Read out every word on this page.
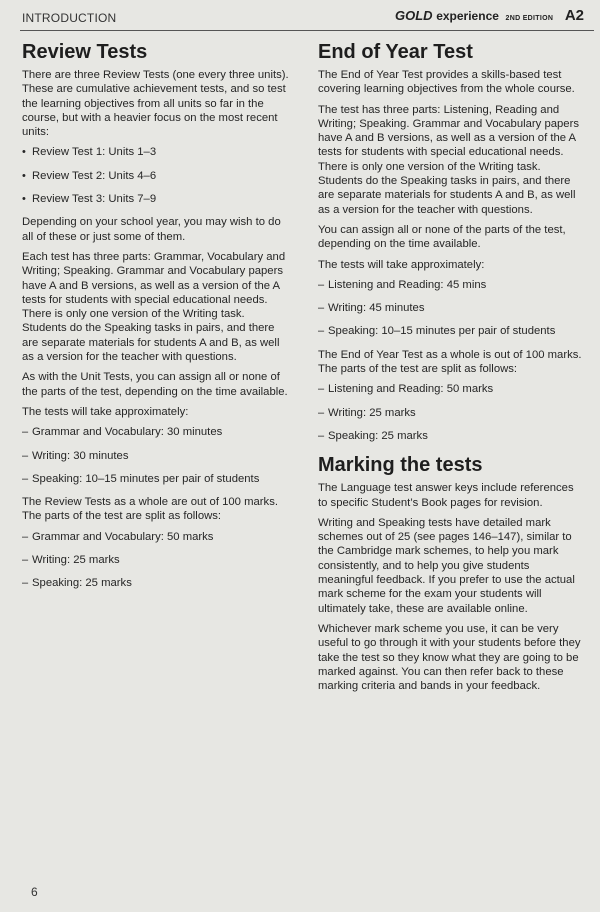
INTRODUCTION	GOLD experience 2ND EDITION A2
Review Tests

There are three Review Tests (one every three units). These are cumulative achievement tests, and so test the learning objectives from all units so far in the course, but with a heavier focus on the most recent units:

• Review Test 1: Units 1–3
• Review Test 2: Units 4–6
• Review Test 3: Units 7–9

Depending on your school year, you may wish to do all of these or just some of them.

Each test has three parts: Grammar, Vocabulary and Writing; Speaking. Grammar and Vocabulary papers have A and B versions, as well as a version of the A tests for students with special educational needs. There is only one version of the Writing task. Students do the Speaking tasks in pairs, and there are separate materials for students A and B, as well as a version for the teacher with questions.

As with the Unit Tests, you can assign all or none of the parts of the test, depending on the time available.

The tests will take approximately:

– Grammar and Vocabulary: 30 minutes
– Writing: 30 minutes
– Speaking: 10–15 minutes per pair of students

The Review Tests as a whole are out of 100 marks. The parts of the test are split as follows:

– Grammar and Vocabulary: 50 marks
– Writing: 25 marks
– Speaking: 25 marks
End of Year Test

The End of Year Test provides a skills-based test covering learning objectives from the whole course.

The test has three parts: Listening, Reading and Writing; Speaking. Grammar and Vocabulary papers have A and B versions, as well as a version of the A tests for students with special educational needs. There is only one version of the Writing task. Students do the Speaking tasks in pairs, and there are separate materials for students A and B, as well as a version for the teacher with questions.

You can assign all or none of the parts of the test, depending on the time available.

The tests will take approximately:

– Listening and Reading: 45 mins
– Writing: 45 minutes
– Speaking: 10–15 minutes per pair of students

The End of Year Test as a whole is out of 100 marks. The parts of the test are split as follows:

– Listening and Reading: 50 marks
– Writing: 25 marks
– Speaking: 25 marks
Marking the tests

The Language test answer keys include references to specific Student’s Book pages for revision.

Writing and Speaking tests have detailed mark schemes out of 25 (see pages 146–147), similar to the Cambridge mark schemes, to help you mark consistently, and to help you give students meaningful feedback. If you prefer to use the actual mark scheme for the exam your students will ultimately take, these are available online.

Whichever mark scheme you use, it can be very useful to go through it with your students before they take the test so they know what they are going to be marked against. You can then refer back to these marking criteria and bands in your feedback.

6
